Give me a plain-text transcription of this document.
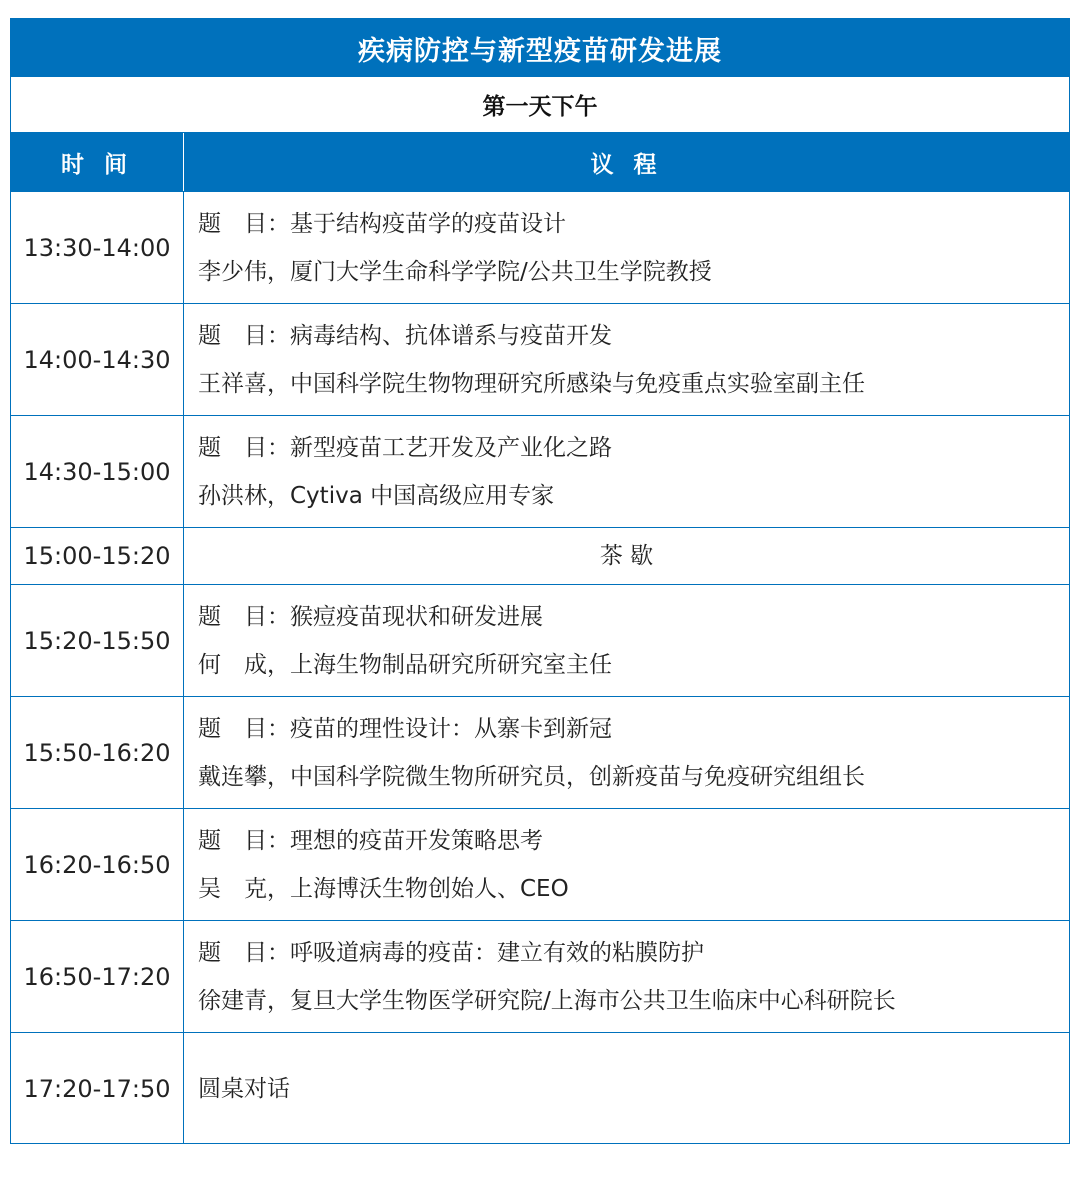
疾病防控与新型疫苗研发进展
第一天下午
时 间	议 程
13:30-14:00
题　目：基于结构疫苗学的疫苗设计
李少伟，厦门大学生命科学学院/公共卫生学院教授
14:00-14:30
题　目：病毒结构、抗体谱系与疫苗开发
王祥喜，中国科学院生物物理研究所感染与免疫重点实验室副主任
14:30-15:00
题　目：新型疫苗工艺开发及产业化之路
孙洪林，Cytiva 中国高级应用专家
15:00-15:20	茶 歇
15:20-15:50
题　目：猴痘疫苗现状和研发进展
何　成，上海生物制品研究所研究室主任
15:50-16:20
题　目：疫苗的理性设计：从寨卡到新冠
戴连攀，中国科学院微生物所研究员，创新疫苗与免疫研究组组长
16:20-16:50
题　目：理想的疫苗开发策略思考
吴　克，上海博沃生物创始人、CEO
16:50-17:20
题　目：呼吸道病毒的疫苗：建立有效的粘膜防护
徐建青，复旦大学生物医学研究院/上海市公共卫生临床中心科研院长
17:20-17:50	圆桌对话
